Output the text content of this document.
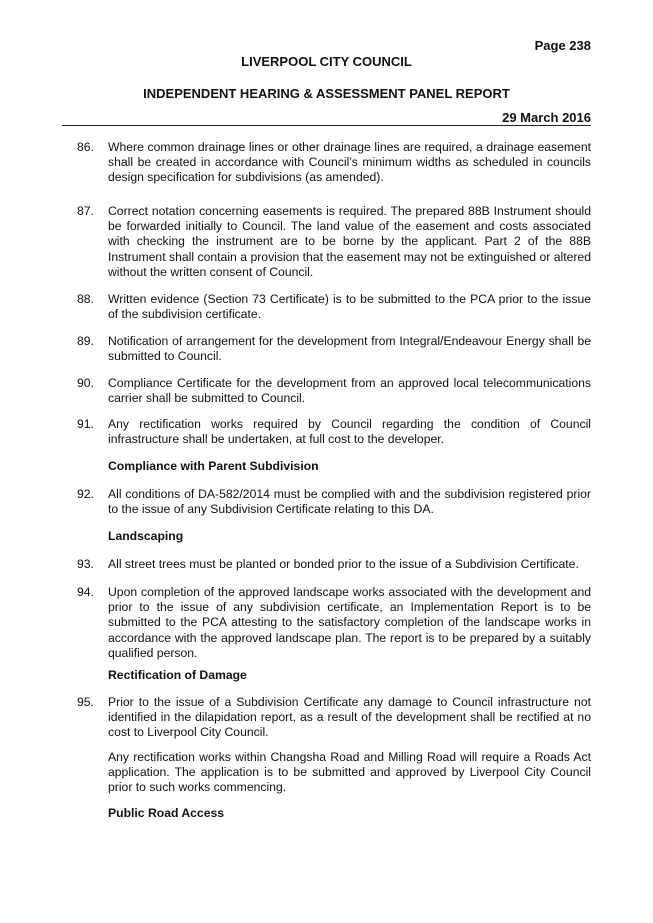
Page 238
LIVERPOOL CITY COUNCIL
INDEPENDENT HEARING & ASSESSMENT PANEL REPORT
29 March 2016
86. Where common drainage lines or other drainage lines are required, a drainage easement shall be created in accordance with Council’s minimum widths as scheduled in councils design specification for subdivisions (as amended).
87. Correct notation concerning easements is required. The prepared 88B Instrument should be forwarded initially to Council. The land value of the easement and costs associated with checking the instrument are to be borne by the applicant. Part 2 of the 88B Instrument shall contain a provision that the easement may not be extinguished or altered without the written consent of Council.
88. Written evidence (Section 73 Certificate) is to be submitted to the PCA prior to the issue of the subdivision certificate.
89. Notification of arrangement for the development from Integral/Endeavour Energy shall be submitted to Council.
90. Compliance Certificate for the development from an approved local telecommunications carrier shall be submitted to Council.
91. Any rectification works required by Council regarding the condition of Council infrastructure shall be undertaken, at full cost to the developer.
Compliance with Parent Subdivision
92. All conditions of DA-582/2014 must be complied with and the subdivision registered prior to the issue of any Subdivision Certificate relating to this DA.
Landscaping
93. All street trees must be planted or bonded prior to the issue of a Subdivision Certificate.
94. Upon completion of the approved landscape works associated with the development and prior to the issue of any subdivision certificate, an Implementation Report is to be submitted to the PCA attesting to the satisfactory completion of the landscape works in accordance with the approved landscape plan. The report is to be prepared by a suitably qualified person.
Rectification of Damage
95. Prior to the issue of a Subdivision Certificate any damage to Council infrastructure not identified in the dilapidation report, as a result of the development shall be rectified at no cost to Liverpool City Council.
Any rectification works within Changsha Road and Milling Road will require a Roads Act application. The application is to be submitted and approved by Liverpool City Council prior to such works commencing.
Public Road Access
